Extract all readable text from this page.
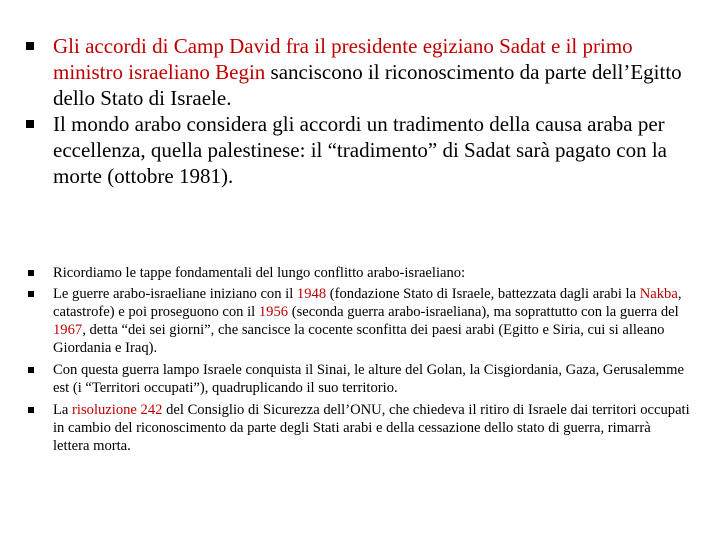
Gli accordi di Camp David fra il presidente egiziano Sadat e il primo ministro israeliano Begin sanciscono il riconoscimento da parte dell’Egitto dello Stato di Israele.
Il mondo arabo considera gli accordi un tradimento della causa araba per eccellenza, quella palestinese: il “tradimento” di Sadat sarà pagato con la morte (ottobre 1981).
Ricordiamo le tappe fondamentali del lungo conflitto arabo-israeliano:
Le guerre arabo-israeliane iniziano con il 1948 (fondazione Stato di Israele, battezzata dagli arabi la Nakba, catastrofe) e poi proseguono con il 1956 (seconda guerra arabo-israeliana), ma soprattutto con la guerra del 1967, detta “dei sei giorni”, che sancisce la cocente sconfitta dei paesi arabi (Egitto e Siria, cui si alleano Giordania e Iraq).
Con questa guerra lampo Israele conquista il Sinai, le alture del Golan, la Cisgiordania, Gaza, Gerusalemme est (i “Territori occupati”), quadruplicando il suo territorio.
La risoluzione 242 del Consiglio di Sicurezza dell’ONU, che chiedeva il ritiro di Israele dai territori occupati in cambio del riconoscimento da parte degli Stati arabi e della cessazione dello stato di guerra, rimarrà lettera morta.
